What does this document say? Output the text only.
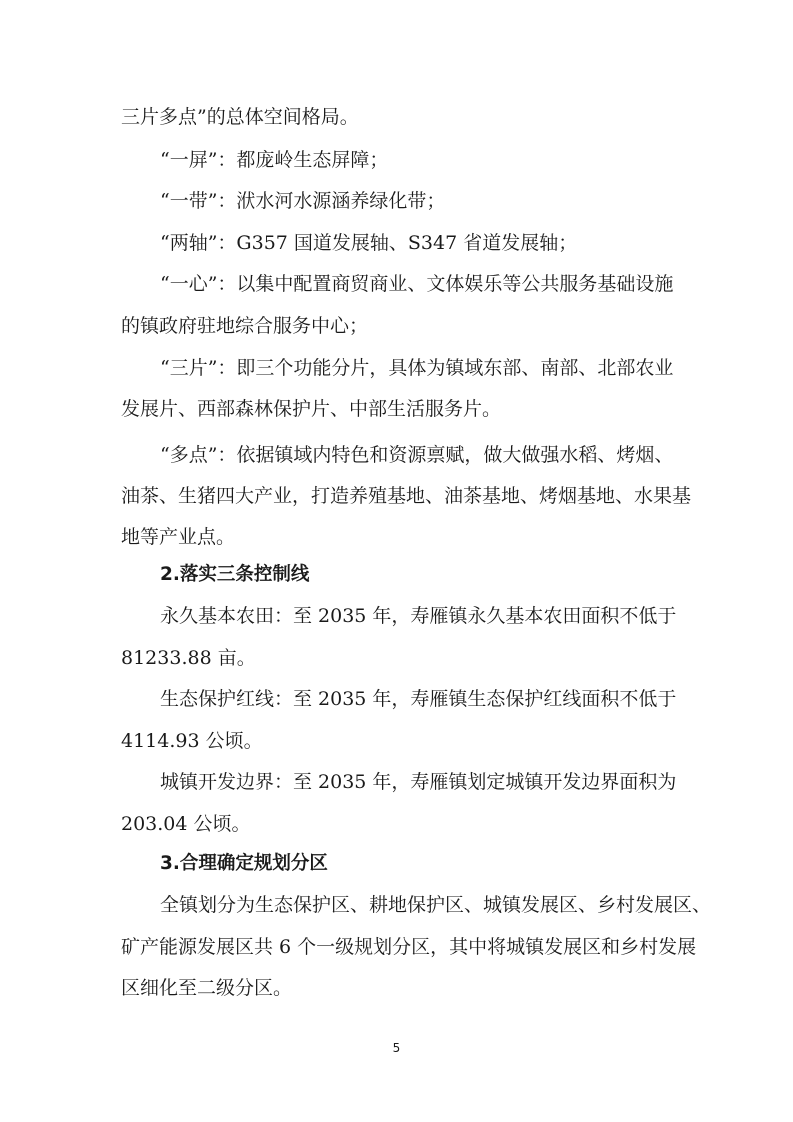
三片多点”的总体空间格局。
“一屏”：都庞岭生态屏障；
“一带”：洑水河水源涵养绿化带；
“两轴”：G357 国道发展轴、S347 省道发展轴；
“一心”：以集中配置商贸商业、文体娱乐等公共服务基础设施
的镇政府驻地综合服务中心；
“三片”：即三个功能分片，具体为镇域东部、南部、北部农业
发展片、西部森林保护片、中部生活服务片。
“多点”：依据镇域内特色和资源禀赋，做大做强水稻、烤烟、
油茶、生猪四大产业，打造养殖基地、油茶基地、烤烟基地、水果基
地等产业点。
2.落实三条控制线
永久基本农田：至 2035 年，寿雁镇永久基本农田面积不低于
81233.88 亩。
生态保护红线：至 2035 年，寿雁镇生态保护红线面积不低于
4114.93 公顷。
城镇开发边界：至 2035 年，寿雁镇划定城镇开发边界面积为
203.04 公顷。
3.合理确定规划分区
全镇划分为生态保护区、耕地保护区、城镇发展区、乡村发展区、
矿产能源发展区共 6 个一级规划分区，其中将城镇发展区和乡村发展
区细化至二级分区。
5
